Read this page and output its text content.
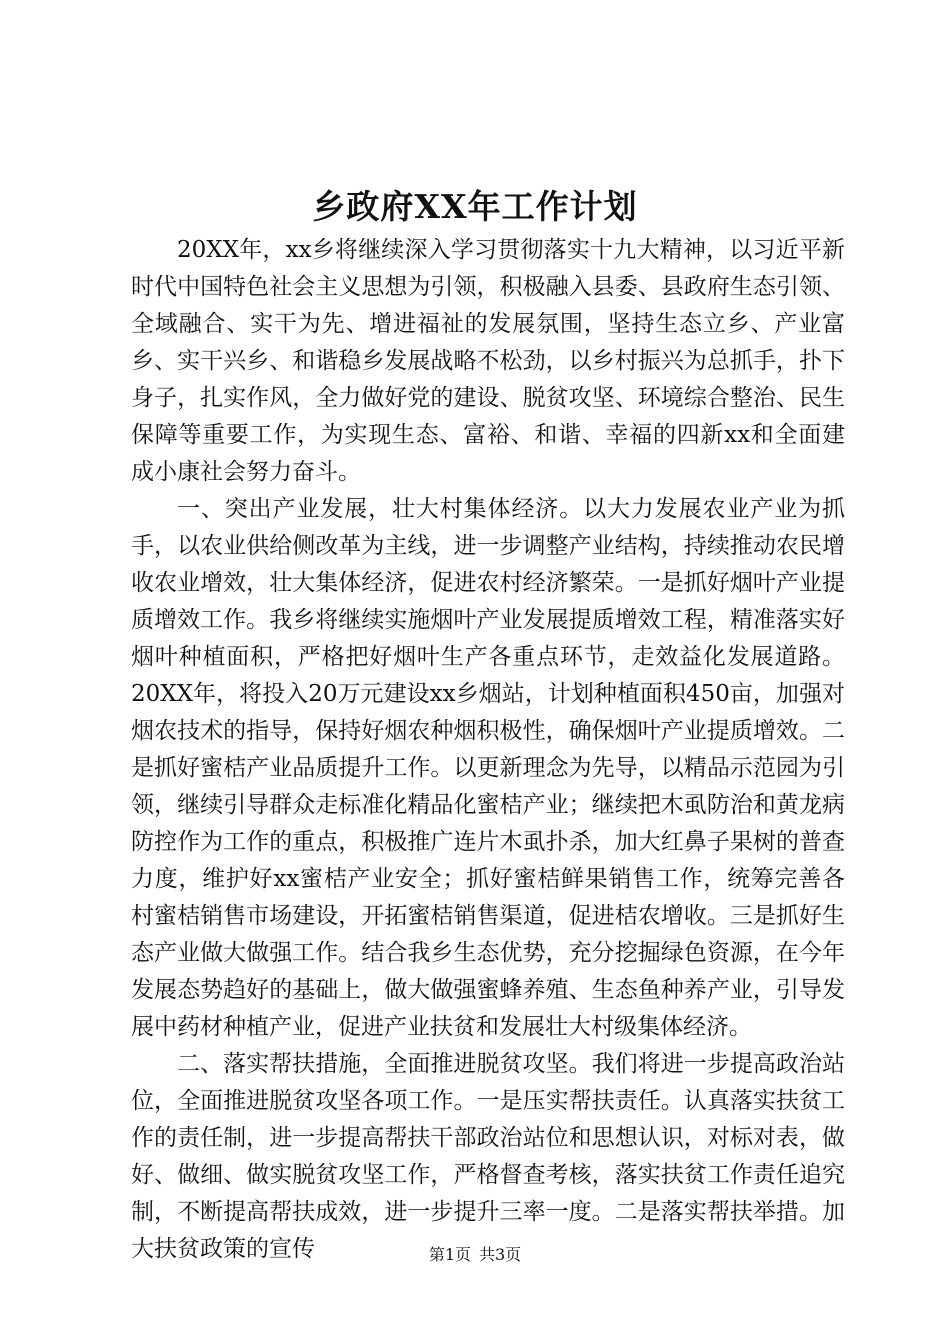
乡政府XX年工作计划

20XX年，xx乡将继续深入学习贯彻落实十九大精神，以习近平新时代中国特色社会主义思想为引领，积极融入县委、县政府生态引领、全域融合、实干为先、增进福祉的发展氛围，坚持生态立乡、产业富乡、实干兴乡、和谐稳乡发展战略不松劲，以乡村振兴为总抓手，扑下身子，扎实作风，全力做好党的建设、脱贫攻坚、环境综合整治、民生保障等重要工作，为实现生态、富裕、和谐、幸福的四新xx和全面建成小康社会努力奋斗。

一、突出产业发展，壮大村集体经济。以大力发展农业产业为抓手，以农业供给侧改革为主线，进一步调整产业结构，持续推动农民增收农业增效，壮大集体经济，促进农村经济繁荣。一是抓好烟叶产业提质增效工作。我乡将继续实施烟叶产业发展提质增效工程，精准落实好烟叶种植面积，严格把好烟叶生产各重点环节，走效益化发展道路。20XX年，将投入20万元建设xx乡烟站，计划种植面积450亩，加强对烟农技术的指导，保持好烟农种烟积极性，确保烟叶产业提质增效。二是抓好蜜桔产业品质提升工作。以更新理念为先导，以精品示范园为引领，继续引导群众走标准化精品化蜜桔产业；继续把木虱防治和黄龙病防控作为工作的重点，积极推广连片木虱扑杀，加大红鼻子果树的普查力度，维护好xx蜜桔产业安全；抓好蜜桔鲜果销售工作，统筹完善各村蜜桔销售市场建设，开拓蜜桔销售渠道，促进桔农增收。三是抓好生态产业做大做强工作。结合我乡生态优势，充分挖掘绿色资源，在今年发展态势趋好的基础上，做大做强蜜蜂养殖、生态鱼种养产业，引导发展中药材种植产业，促进产业扶贫和发展壮大村级集体经济。

二、落实帮扶措施，全面推进脱贫攻坚。我们将进一步提高政治站位，全面推进脱贫攻坚各项工作。一是压实帮扶责任。认真落实扶贫工作的责任制，进一步提高帮扶干部政治站位和思想认识，对标对表，做好、做细、做实脱贫攻坚工作，严格督查考核，落实扶贫工作责任追究制，不断提高帮扶成效，进一步提升三率一度。二是落实帮扶举措。加大扶贫政策的宣传	第1页 共3页
